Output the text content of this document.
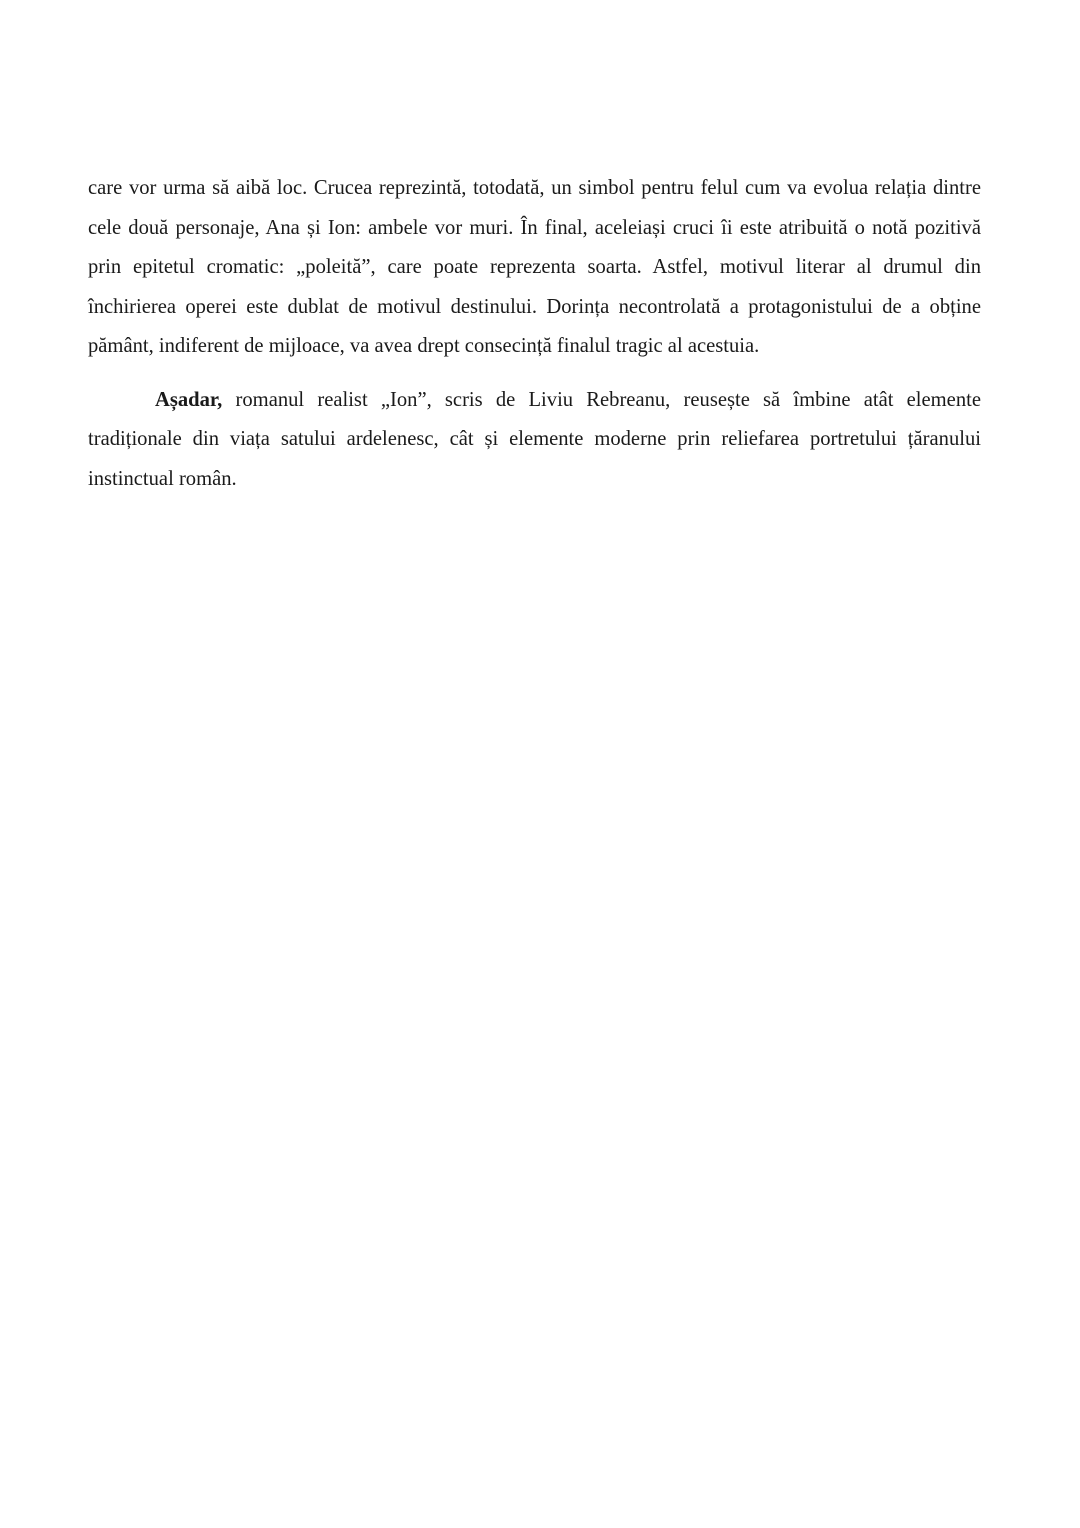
care vor urma să aibă loc. Crucea reprezintă, totodată, un simbol pentru felul cum va evolua relația dintre cele două personaje, Ana și Ion: ambele vor muri. În final, aceleiași cruci îi este atribuită o notă pozitivă prin epitetul cromatic: „poleită”, care poate reprezenta soarta. Astfel, motivul literar al drumul din închirierea operei este dublat de motivul destinului. Dorința necontrolată a protagonistului de a obține pământ, indiferent de mijloace, va avea drept consecință finalul tragic al acestuia.

Așadar, romanul realist „Ion”, scris de Liviu Rebreanu, reusește să îmbine atât elemente tradiționale din viața satului ardelenesc, cât și elemente moderne prin reliefarea portretului țăranului instinctual român.
